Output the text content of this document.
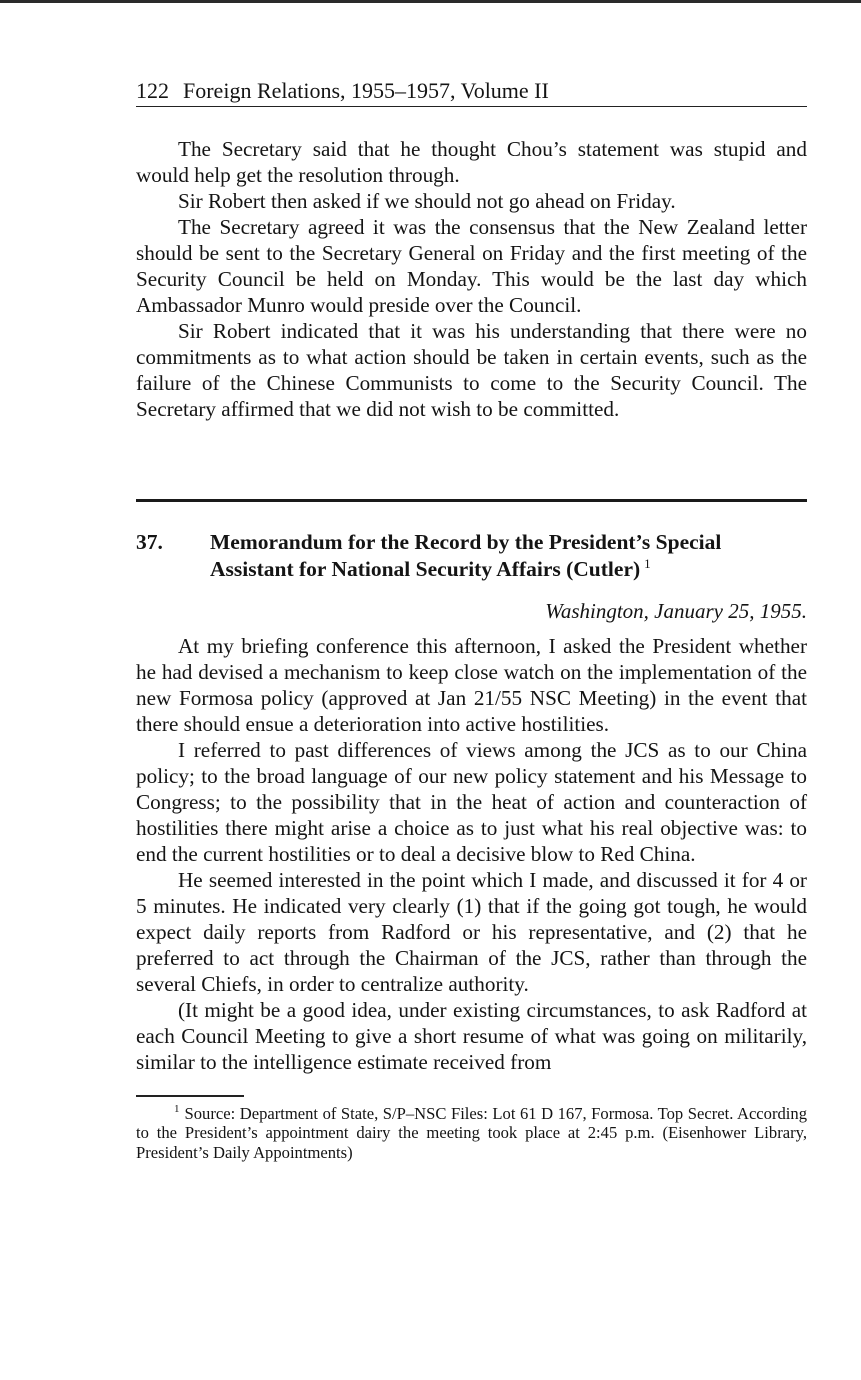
122 Foreign Relations, 1955–1957, Volume II

The Secretary said that he thought Chou’s statement was stupid and would help get the resolution through.

Sir Robert then asked if we should not go ahead on Friday.

The Secretary agreed it was the consensus that the New Zealand letter should be sent to the Secretary General on Friday and the first meeting of the Security Council be held on Monday. This would be the last day which Ambassador Munro would preside over the Council.

Sir Robert indicated that it was his understanding that there were no commitments as to what action should be taken in certain events, such as the failure of the Chinese Communists to come to the Security Council. The Secretary affirmed that we did not wish to be committed.

37.	Memorandum for the Record by the President’s Special Assistant for National Security Affairs (Cutler) $^1$
Washington, January 25, 1955.

At my briefing conference this afternoon, I asked the President whether he had devised a mechanism to keep close watch on the implementation of the new Formosa policy (approved at Jan 21/55 NSC Meeting) in the event that there should ensue a deterioration into active hostilities.

I referred to past differences of views among the JCS as to our China policy; to the broad language of our new policy statement and his Message to Congress; to the possibility that in the heat of action and counteraction of hostilities there might arise a choice as to just what his real objective was: to end the current hostilities or to deal a decisive blow to Red China.

He seemed interested in the point which I made, and discussed it for 4 or 5 minutes. He indicated very clearly (1) that if the going got tough, he would expect daily reports from Radford or his representative, and (2) that he preferred to act through the Chairman of the JCS, rather than through the several Chiefs, in order to centralize authority.

(It might be a good idea, under existing circumstances, to ask Radford at each Council Meeting to give a short resume of what was going on militarily, similar to the intelligence estimate received from

$^1$ Source: Department of State, S/P–NSC Files: Lot 61 D 167, Formosa. Top Secret. According to the President’s appointment dairy the meeting took place at 2:45 p.m. (Eisenhower Library, President’s Daily Appointments)
